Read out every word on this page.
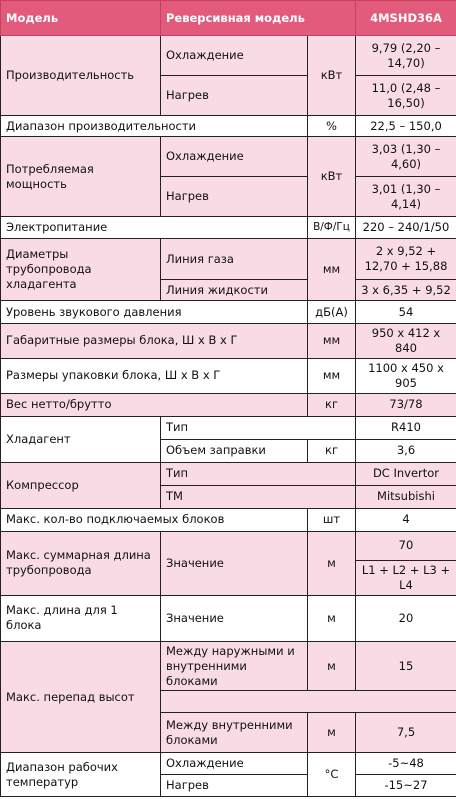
Модель	Реверсивная модель		4MSHD36A
Производительность	Охлаждение	кВт	9,79 (2,20 – 14,70)
	Нагрев		11,0 (2,48 – 16,50)
Диапазон производительности		%	22,5 – 150,0
Потребляемая мощность	Охлаждение	кВт	3,03 (1,30 – 4,60)
	Нагрев		3,01 (1,30 – 4,14)
Электропитание		В/Ф/Гц	220 – 240/1/50
Диаметры трубопровода хладагента	Линия газа	мм	2 x 9,52 + 12,70 + 15,88
	Линия жидкости		3 x 6,35 + 9,52
Уровень звукового давления		дБ(А)	54
Габаритные размеры блока, Ш х В х Г		мм	950 x 412 x 840
Размеры упаковки блока, Ш х В х Г		мм	1100 x 450 x 905
Вес нетто/брутто		кг	73/78
Хладагент	Тип		R410
	Объем заправки	кг	3,6
Компрессор	Тип		DC Invertor
	ТМ		Mitsubishi
Макс. кол-во подключаемых блоков		шт	4
Макс. суммарная длина трубопровода	Значение	м	70
			L1 + L2 + L3 + L4
Макс. длина для 1 блока	Значение	м	20
Макс. перепад высот	Между наружными и внутренними блоками	м	15

	Между внутренними блоками	м	7,5
Диапазон рабочих температур	Охлаждение	°С	-5~48
	Нагрев		-15~27
